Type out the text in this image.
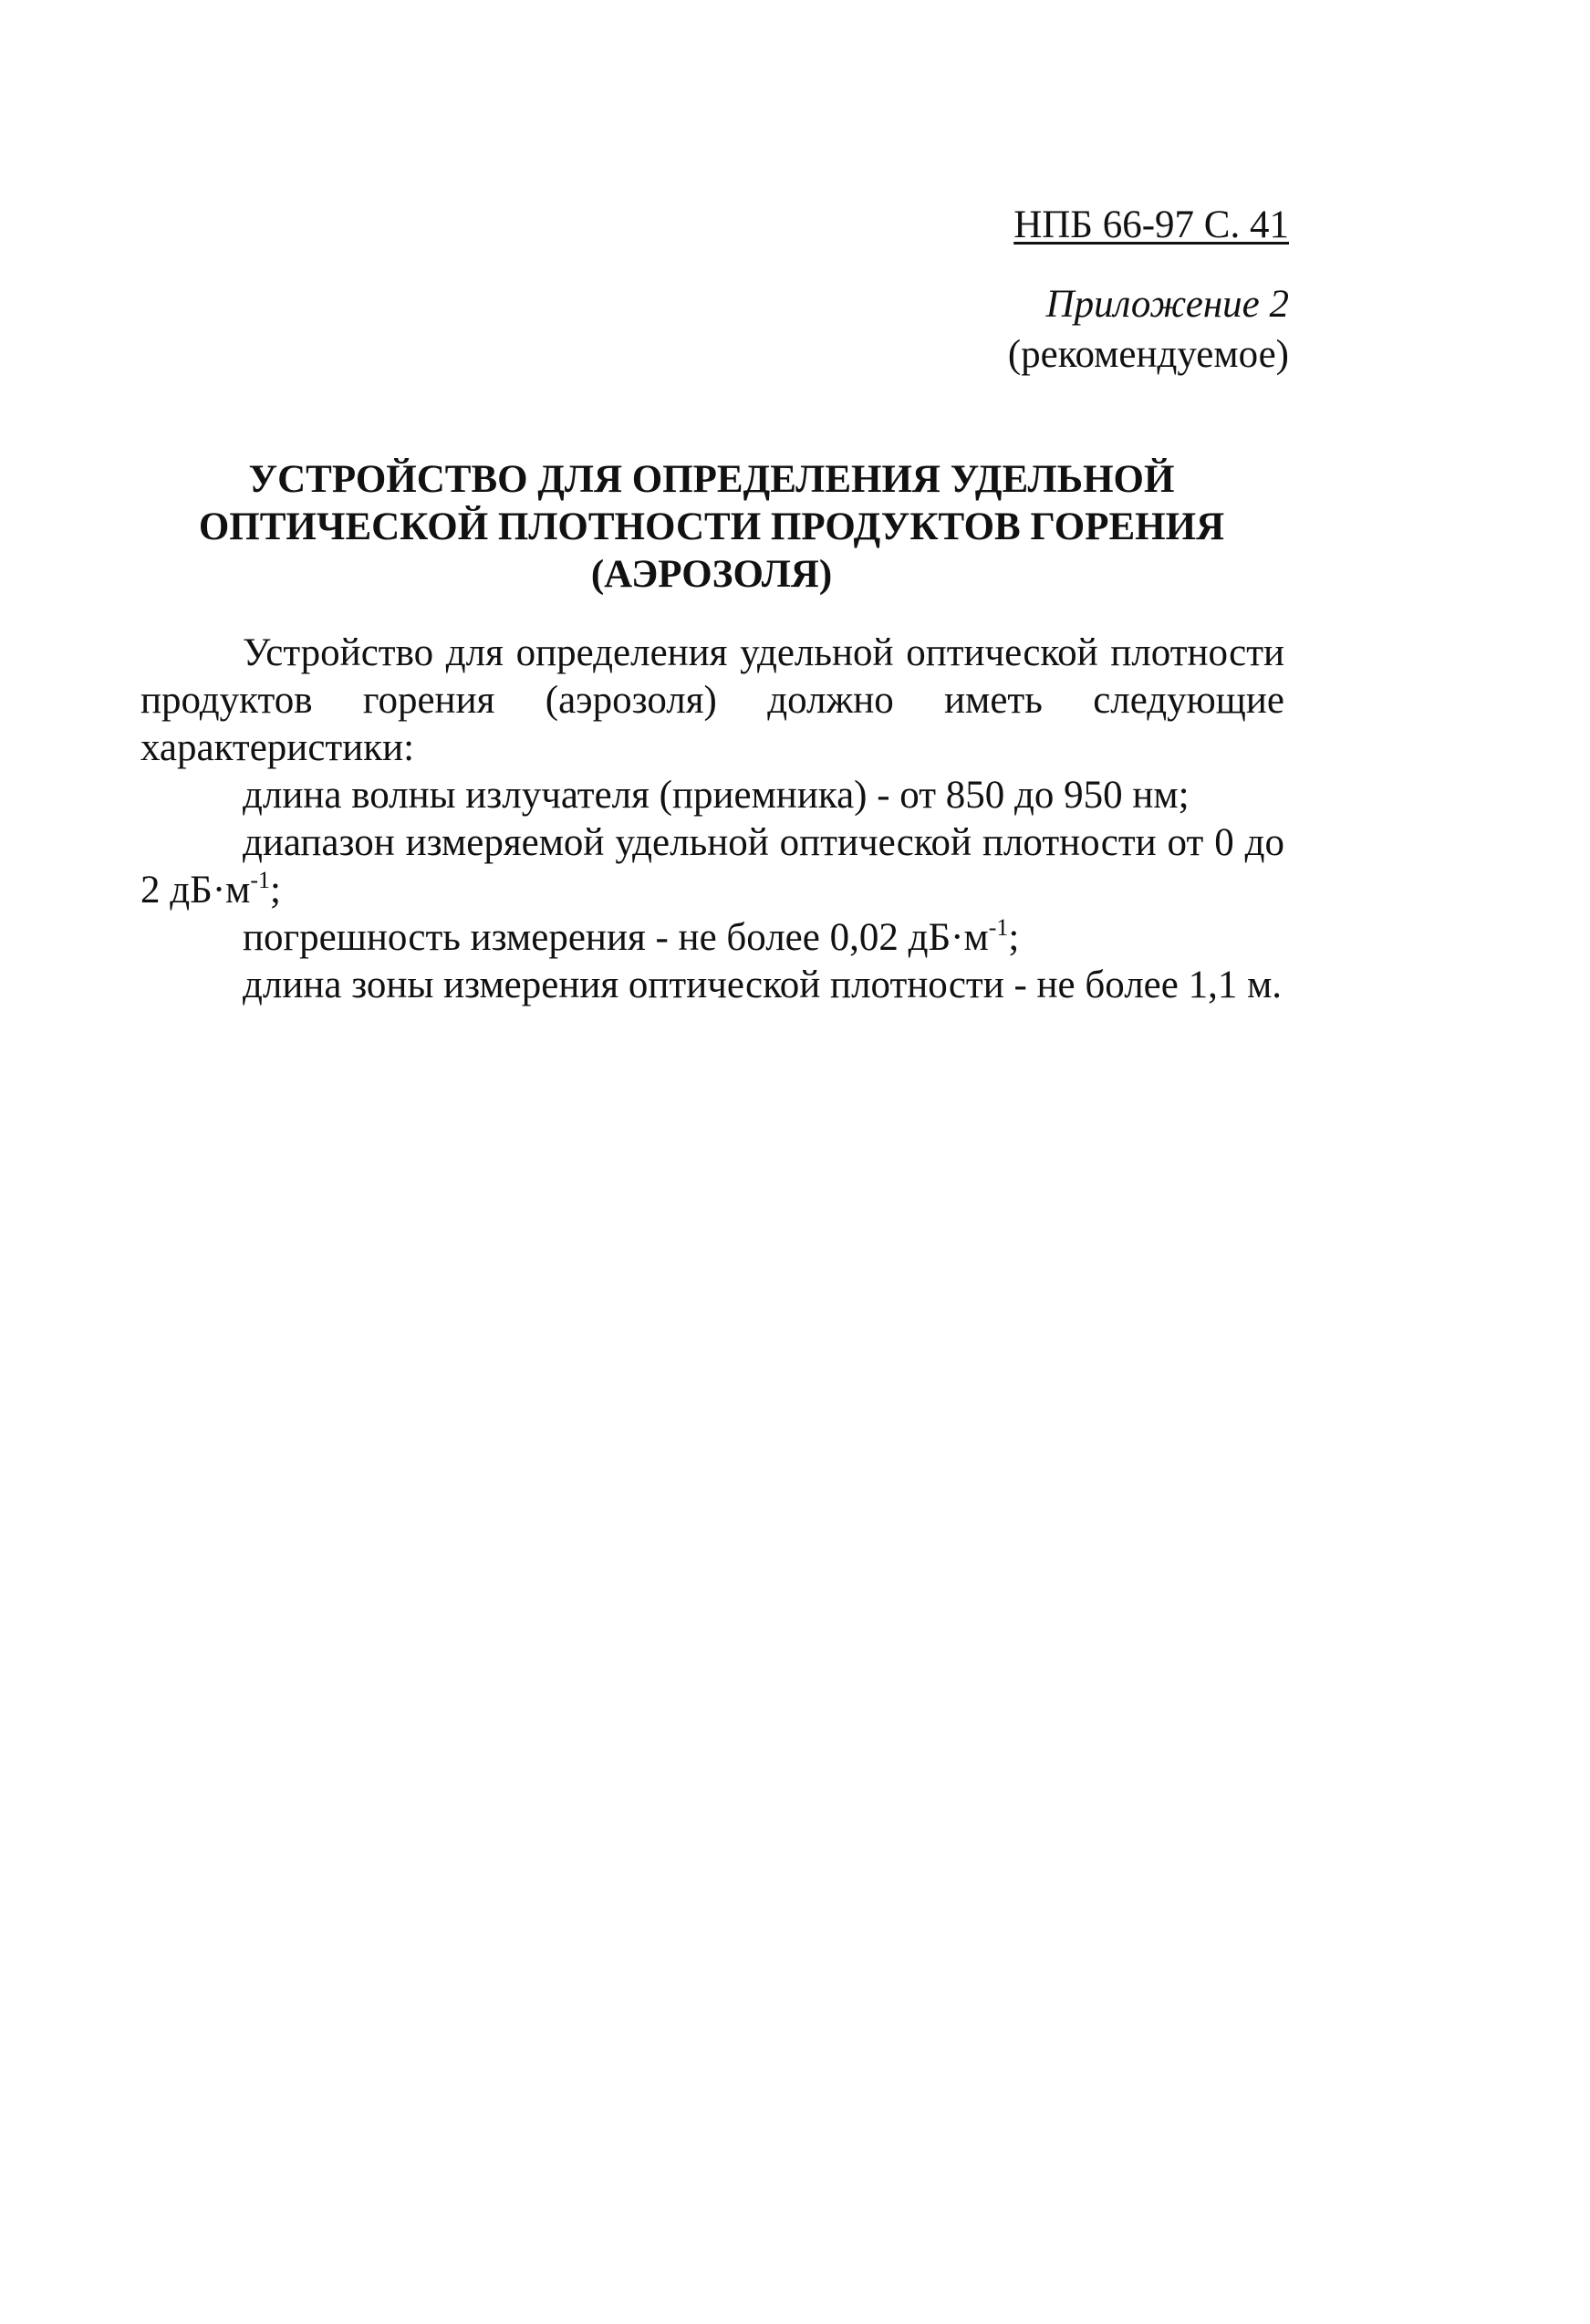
НПБ 66-97 С. 41
Приложение 2
(рекомендуемое)
УСТРОЙСТВО ДЛЯ ОПРЕДЕЛЕНИЯ УДЕЛЬНОЙ
ОПТИЧЕСКОЙ ПЛОТНОСТИ ПРОДУКТОВ ГОРЕНИЯ
(АЭРОЗОЛЯ)

Устройство для определения удельной оптической плотности продуктов горения (аэрозоля) должно иметь следующие характеристики:

длина волны излучателя (приемника) - от 850 до 950 нм;

диапазон измеряемой удельной оптической плотности от 0 до 2 $дБ\cdot м^{-1}$;

погрешность измерения - не более 0,02 $дБ\cdot м^{-1}$;

длина зоны измерения оптической плотности - не более 1,1 м.
